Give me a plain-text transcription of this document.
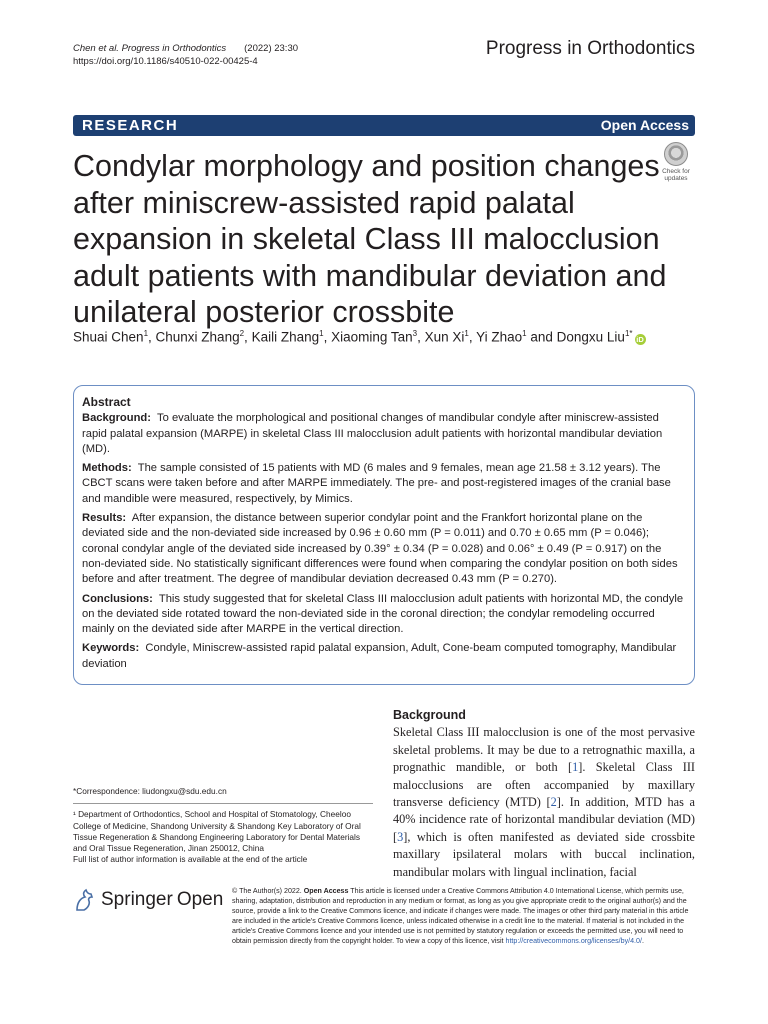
Chen et al. Progress in Orthodontics (2022) 23:30
https://doi.org/10.1186/s40510-022-00425-4
Progress in Orthodontics
RESEARCH	Open Access
Condylar morphology and position changes after miniscrew-assisted rapid palatal expansion in skeletal Class III malocclusion adult patients with mandibular deviation and unilateral posterior crossbite
Check for
updates
Shuai Chen$^1$, Chunxi Zhang$^2$, Kaili Zhang$^1$, Xiaoming Tan$^3$, Xun Xi$^1$, Yi Zhao$^1$ and Dongxu Liu$^{1*}$iD
Abstract

Background: To evaluate the morphological and positional changes of mandibular condyle after miniscrew-assisted rapid palatal expansion (MARPE) in skeletal Class III malocclusion adult patients with horizontal mandibular deviation (MD).

Methods: The sample consisted of 15 patients with MD (6 males and 9 females, mean age 21.58 ± 3.12 years). The CBCT scans were taken before and after MARPE immediately. The pre- and post-registered images of the cranial base and mandible were measured, respectively, by Mimics.

Results: After expansion, the distance between superior condylar point and the Frankfort horizontal plane on the deviated side and the non-deviated side increased by 0.96 ± 0.60 mm (P = 0.011) and 0.70 ± 0.65 mm (P = 0.046); coronal condylar angle of the deviated side increased by 0.39° ± 0.34 (P = 0.028) and 0.06° ± 0.49 (P = 0.917) on the non-deviated side. No statistically significant differences were found when comparing the condylar position on both sides before and after treatment. The degree of mandibular deviation decreased 0.43 mm (P = 0.270).

Conclusions: This study suggested that for skeletal Class III malocclusion adult patients with horizontal MD, the condyle on the deviated side rotated toward the non-deviated side in the coronal direction; the condylar remodeling occurred mainly on the deviated side after MARPE in the vertical direction.

Keywords: Condyle, Miniscrew-assisted rapid palatal expansion, Adult, Cone-beam computed tomography, Mandibular deviation

*Correspondence: liudongxu@sdu.edu.cn
¹ Department of Orthodontics, School and Hospital of Stomatology, Cheeloo College of Medicine, Shandong University & Shandong Key Laboratory of Oral Tissue Regeneration & Shandong Engineering Laboratory for Dental Materials and Oral Tissue Regeneration, Jinan 250012, China
Full list of author information is available at the end of the article
Background

Skeletal Class III malocclusion is one of the most pervasive skeletal problems. It may be due to a retrognathic maxilla, a prognathic mandible, or both [1]. Skeletal Class III malocclusions are often accompanied by maxillary transverse deficiency (MTD) [2]. In addition, MTD has a 40% incidence rate of horizontal mandibular deviation (MD) [3], which is often manifested as deviated side crossbite maxillary ipsilateral molars with buccal inclination, mandibular molars with lingual inclination, facial

Springer Open © The Author(s) 2022. Open Access This article is licensed under a Creative Commons Attribution 4.0 International License, which permits use, sharing, adaptation, distribution and reproduction in any medium or format, as long as you give appropriate credit to the original author(s) and the source, provide a link to the Creative Commons licence, and indicate if changes were made. The images or other third party material in this article are included in the article's Creative Commons licence, unless indicated otherwise in a credit line to the material. If material is not included in the article's Creative Commons licence and your intended use is not permitted by statutory regulation or exceeds the permitted use, you will need to obtain permission directly from the copyright holder. To view a copy of this licence, visit http://creativecommons.org/licenses/by/4.0/.
